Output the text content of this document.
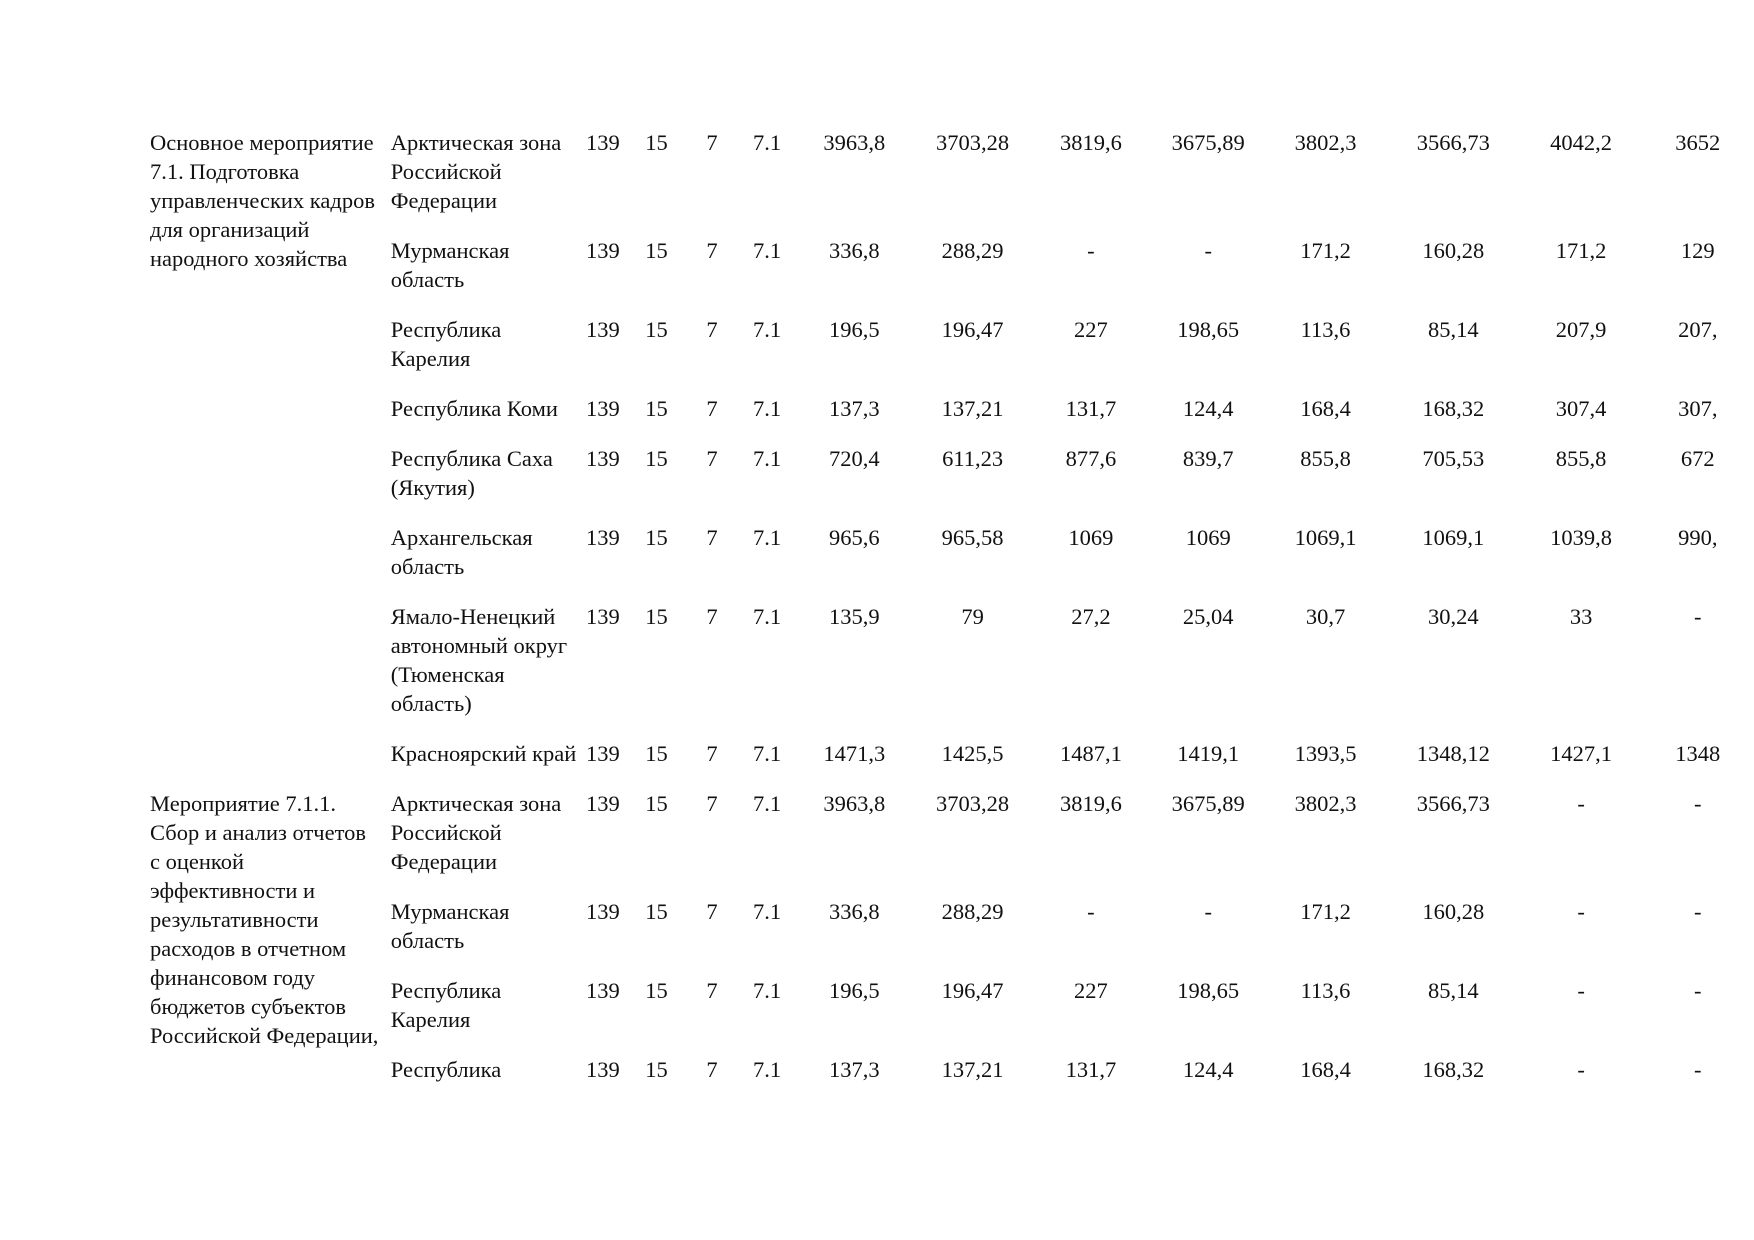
Основное мероприятие 7.1. Подготовка управленческих кадров для организаций народного хозяйства	Арктическая зона Российской Федерации	139	15	7	7.1	3963,8	3703,28	3819,6	3675,89	3802,3	3566,73	4042,2	3652
	Мурманская область	139	15	7	7.1	336,8	288,29	-	-	171,2	160,28	171,2	129
	Республика Карелия	139	15	7	7.1	196,5	196,47	227	198,65	113,6	85,14	207,9	207,
	Республика Коми	139	15	7	7.1	137,3	137,21	131,7	124,4	168,4	168,32	307,4	307,
	Республика Саха (Якутия)	139	15	7	7.1	720,4	611,23	877,6	839,7	855,8	705,53	855,8	672
	Архангельская область	139	15	7	7.1	965,6	965,58	1069	1069	1069,1	1069,1	1039,8	990,
	Ямало-Ненецкий автономный округ (Тюменская область)	139	15	7	7.1	135,9	79	27,2	25,04	30,7	30,24	33	-
	Красноярский край	139	15	7	7.1	1471,3	1425,5	1487,1	1419,1	1393,5	1348,12	1427,1	1348
Мероприятие 7.1.1. Сбор и анализ отчетов с оценкой эффективности и результативности расходов в отчетном финансовом году бюджетов субъектов Российской Федерации,	Арктическая зона Российской Федерации	139	15	7	7.1	3963,8	3703,28	3819,6	3675,89	3802,3	3566,73	-	-
	Мурманская область	139	15	7	7.1	336,8	288,29	-	-	171,2	160,28	-	-
	Республика Карелия	139	15	7	7.1	196,5	196,47	227	198,65	113,6	85,14	-	-
	Республика	139	15	7	7.1	137,3	137,21	131,7	124,4	168,4	168,32	-	-
